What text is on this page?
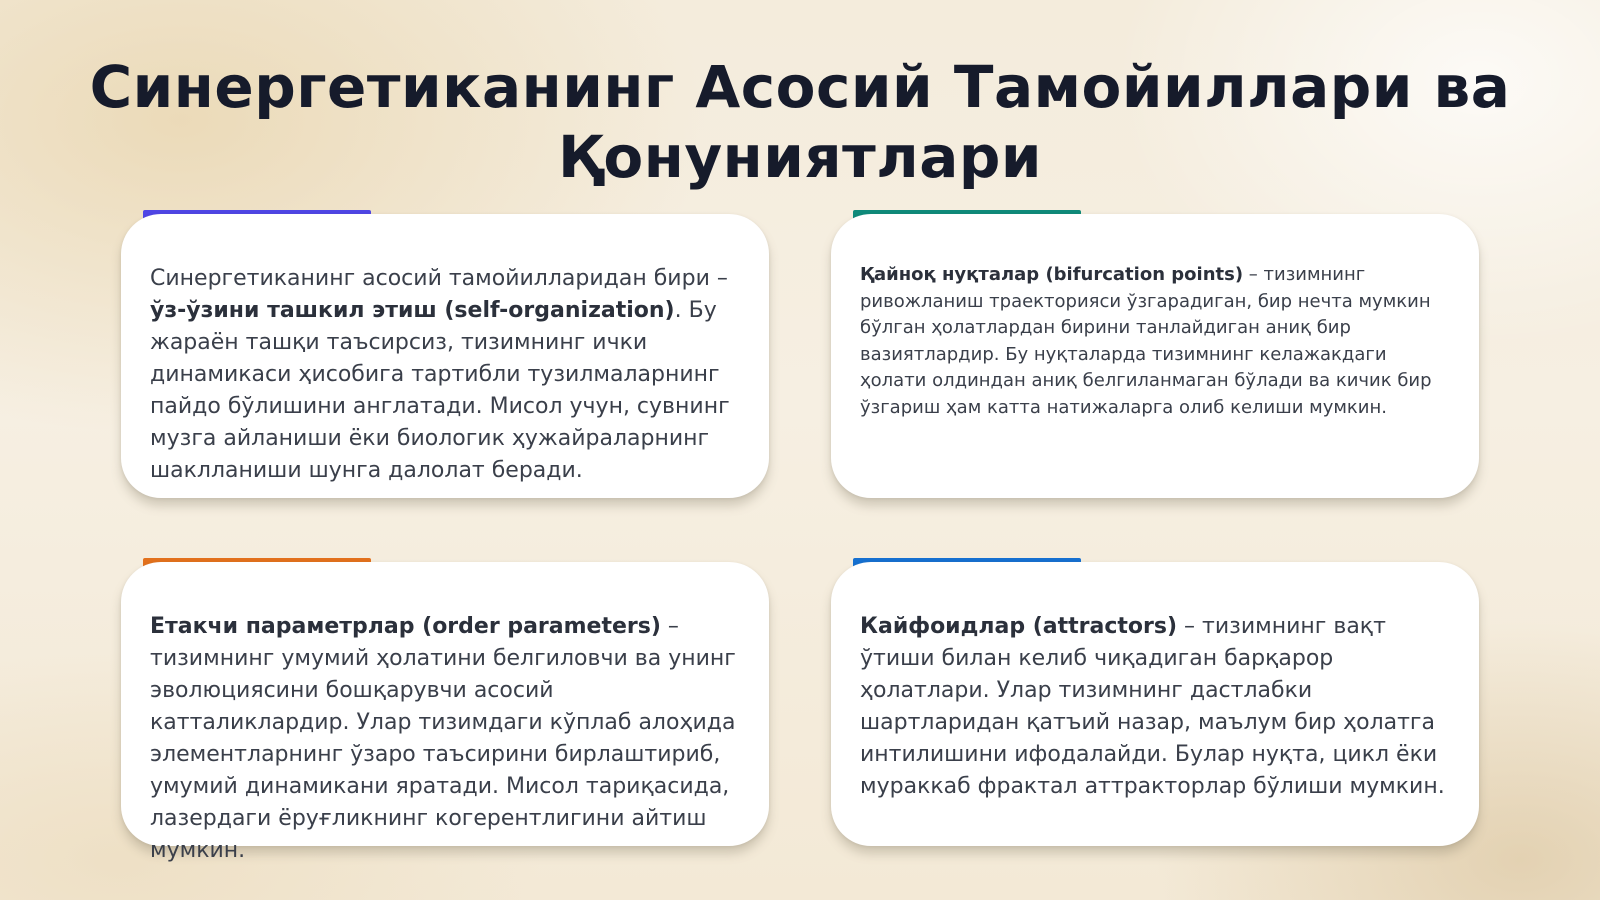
Синергетиканинг Асосий Тамойиллари ва Қонуниятлари

Синергетиканинг асосий тамойилларидан бири – ўз-ўзини ташкил этиш (self-organization). Бу жараён ташқи таъсирсиз, тизимнинг ички динамикаси ҳисобига тартибли тузилмаларнинг пайдо бўлишини англатади. Мисол учун, сувнинг музга айланиши ёки биологик ҳужайраларнинг шаклланиши шунга далолат беради.

Қайноқ нуқталар (bifurcation points) – тизимнинг ривожланиш траекторияси ўзгарадиган, бир нечта мумкин бўлган ҳолатлардан бирини танлайдиган аниқ бир вазиятлардир. Бу нуқталарда тизимнинг келажакдаги ҳолати олдиндан аниқ белгиланмаган бўлади ва кичик бир ўзгариш ҳам катта натижаларга олиб келиши мумкин.

Етакчи параметрлар (order parameters) – тизимнинг умумий ҳолатини белгиловчи ва унинг эволюциясини бошқарувчи асосий катталиклардир. Улар тизимдаги кўплаб алоҳида элементларнинг ўзаро таъсирини бирлаштириб, умумий динамикани яратади. Мисол тариқасида, лазердаги ёруғликнинг когерентлигини айтиш мумкин.

Кайфоидлар (attractors) – тизимнинг вақт ўтиши билан келиб чиқадиган барқарор ҳолатлари. Улар тизимнинг дастлабки шартларидан қатъий назар, маълум бир ҳолатга интилишини ифодалайди. Булар нуқта, цикл ёки мураккаб фрактал аттракторлар бўлиши мумкин.
